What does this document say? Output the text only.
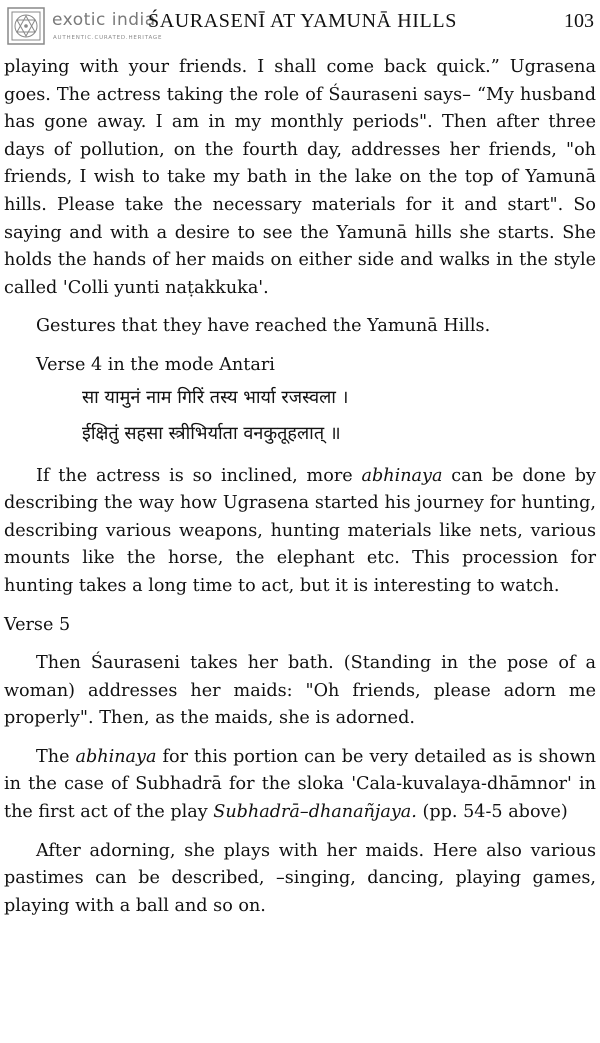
exotic india
AUTHENTIC.CURATED.HERITAGE
ŚAURASENĪ AT YAMUNĀ HILLS	103

playing with your friends. I shall come back quick.” Ugrasena goes. The actress taking the role of Śauraseni says– “My husband has gone away. I am in my monthly periods". Then after three days of pollution, on the fourth day, addresses her friends, "oh friends, I wish to take my bath in the lake on the top of Yamunā hills. Please take the necessary materials for it and start". So saying and with a desire to see the Yamunā hills she starts. She holds the hands of her maids on either side and walks in the style called 'Colli yunti naṭakkuka'.

Gestures that they have reached the Yamunā Hills.

Verse 4 in the mode Antari

सा यामुनं नाम गिरिं तस्य भार्या रजस्वला ।
ईक्षितुं सहसा स्त्रीभिर्याता वनकुतूहलात् ॥

If the actress is so inclined, more abhinaya can be done by describing the way how Ugrasena started his journey for hunting, describing various weapons, hunting materials like nets, various mounts like the horse, the elephant etc. This procession for hunting takes a long time to act, but it is interesting to watch.

Verse 5

Then Śauraseni takes her bath. (Standing in the pose of a woman) addresses her maids: "Oh friends, please adorn me properly". Then, as the maids, she is adorned.

The abhinaya for this portion can be very detailed as is shown in the case of Subhadrā for the sloka 'Cala-kuvalaya-dhāmnor' in the first act of the play Subhadrā–dhanañjaya. (pp. 54-5 above)

After adorning, she plays with her maids. Here also various pastimes can be described, –singing, dancing, playing games, playing with a ball and so on.
